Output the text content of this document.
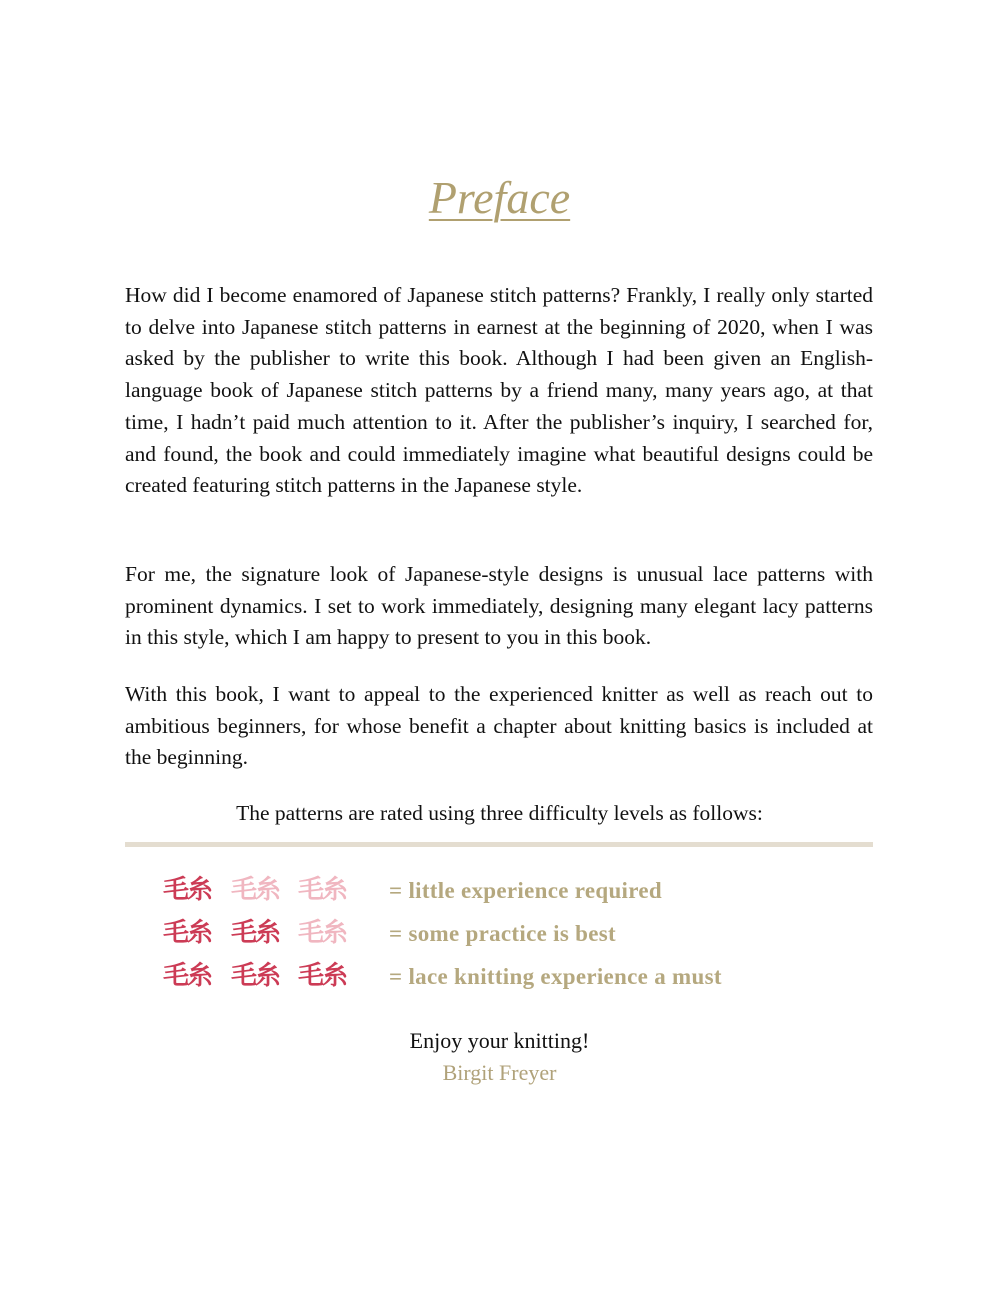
Preface

How did I become enamored of Japanese stitch patterns? Frankly, I really only started to delve into Japanese stitch patterns in earnest at the beginning of 2020, when I was asked by the publisher to write this book. Although I had been given an English-language book of Japanese stitch patterns by a friend many, many years ago, at that time, I hadn’t paid much attention to it. After the publisher’s inquiry, I searched for, and found, the book and could immediately imagine what beautiful designs could be created featuring stitch patterns in the Japanese style.

For me, the signature look of Japanese-style designs is unusual lace patterns with prominent dynamics. I set to work immediately, designing many elegant lacy patterns in this style, which I am happy to present to you in this book.

With this book, I want to appeal to the experienced knitter as well as reach out to ambitious beginners, for whose benefit a chapter about knitting basics is included at the beginning.

The patterns are rated using three difficulty levels as follows:
毛糸 毛糸 毛糸 = little experience required
毛糸 毛糸 毛糸 = some practice is best
毛糸 毛糸 毛糸 = lace knitting experience a must
Enjoy your knitting!
Birgit Freyer
